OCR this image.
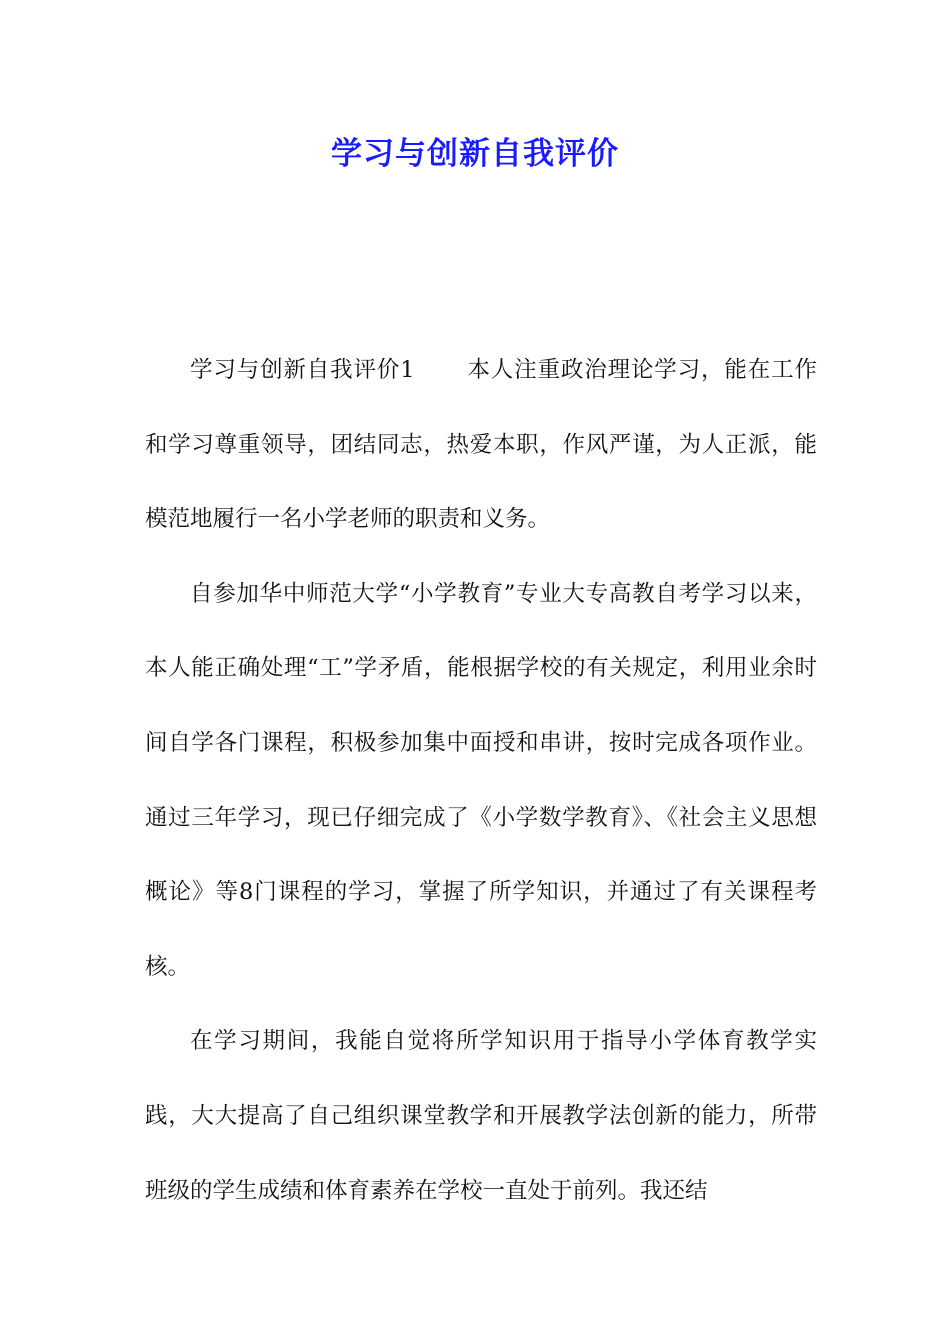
学习与创新自我评价

学习与创新自我评价1 本人注重政治理论学习，能在工作和学习尊重领导，团结同志，热爱本职，作风严谨，为人正派，能模范地履行一名小学老师的职责和义务。

自参加华中师范大学“小学教育”专业大专高教自考学习以来，本人能正确处理“工”学矛盾，能根据学校的有关规定，利用业余时间自学各门课程，积极参加集中面授和串讲，按时完成各项作业。通过三年学习，现已仔细完成了《小学数学教育》、《社会主义思想概论》等8门课程的学习，掌握了所学知识，并通过了有关课程考核。

在学习期间，我能自觉将所学知识用于指导小学体育教学实践，大大提高了自己组织课堂教学和开展教学法创新的能力，所带班级的学生成绩和体育素养在学校一直处于前列。我还结
